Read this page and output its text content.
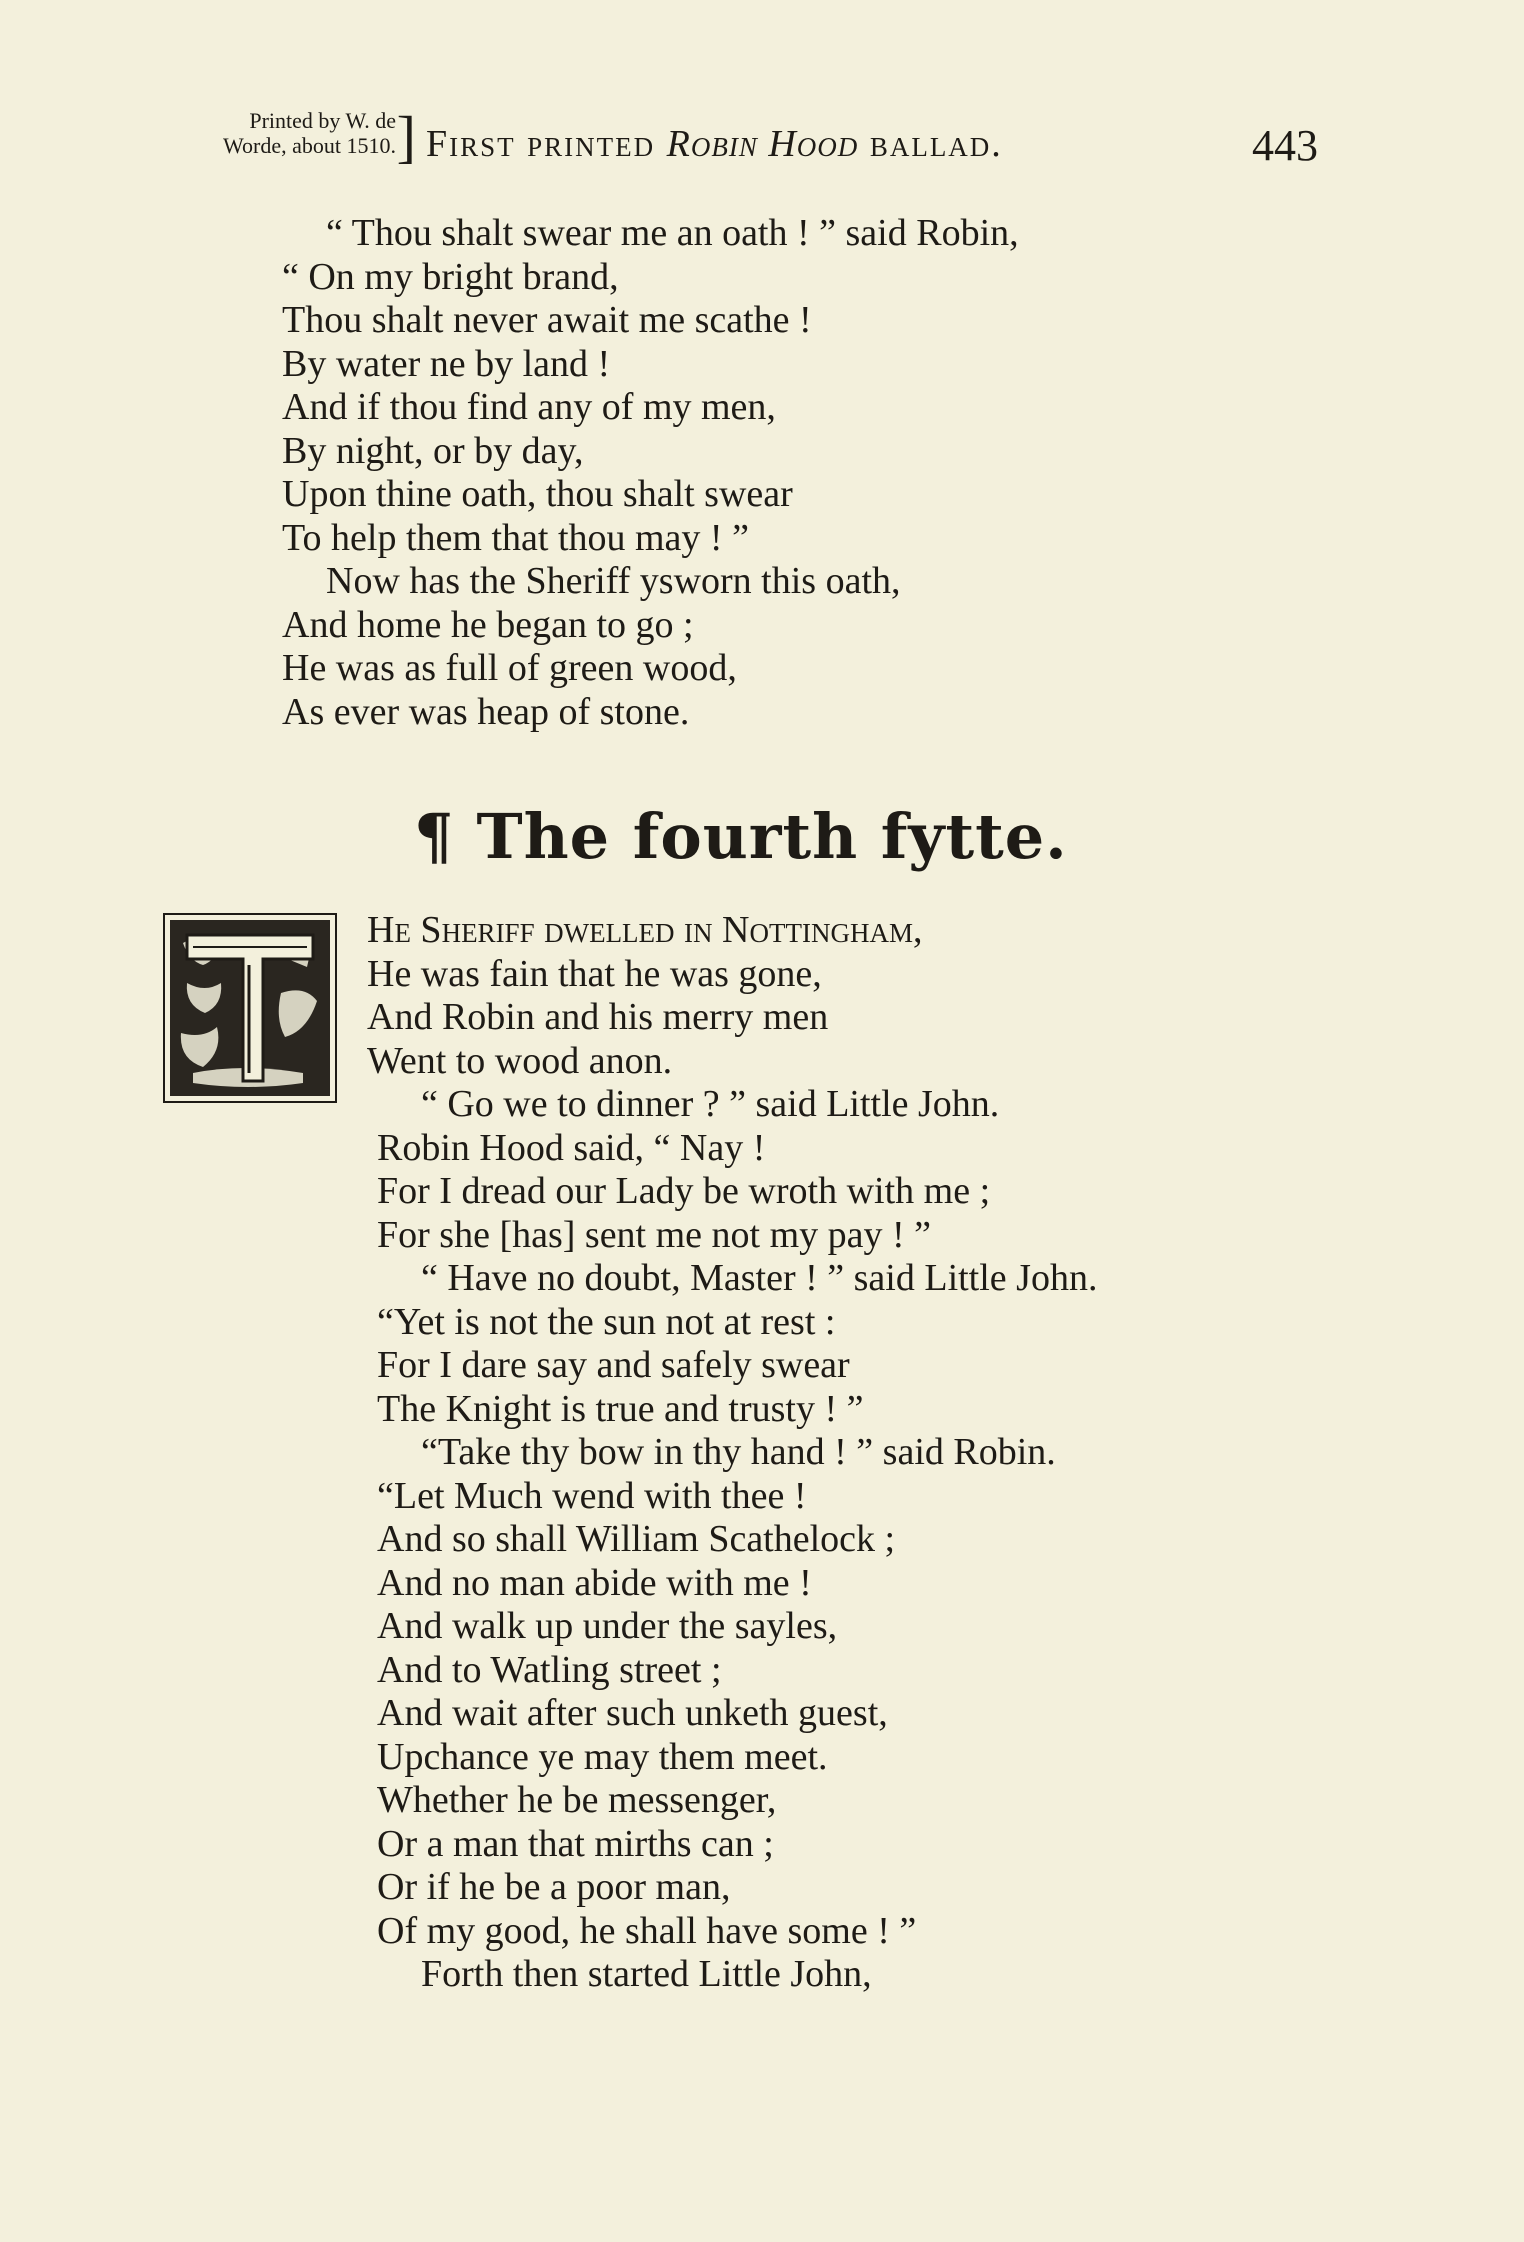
Printed by W. de
Worde, about 1510. ] First printed Robin Hood ballad.	443
“ Thou shalt swear me an oath ! ” said Robin,
“ On my bright brand,
Thou shalt never await me scathe !
By water ne by land !
And if thou find any of my men,
By night, or by day,
Upon thine oath, thou shalt swear
To help them that thou may ! ”
Now has the Sheriff ysworn this oath,
And home he began to go ;
He was as full of green wood,
As ever was heap of stone.
¶ The fourth fytte.
He Sheriff dwelled in Nottingham,
He was fain that he was gone,
And Robin and his merry men
Went to wood anon.
“ Go we to dinner ? ” said Little John.
Robin Hood said, “ Nay !
For I dread our Lady be wroth with me ;
For she [has] sent me not my pay ! ”
“ Have no doubt, Master ! ” said Little John.
“Yet is not the sun not at rest :
For I dare say and safely swear
The Knight is true and trusty ! ”
“Take thy bow in thy hand ! ” said Robin.
“Let Much wend with thee !
And so shall William Scathelock ;
And no man abide with me !
And walk up under the sayles,
And to Watling street ;
And wait after such unketh guest,
Upchance ye may them meet.
Whether he be messenger,
Or a man that mirths can ;
Or if he be a poor man,
Of my good, he shall have some ! ”
Forth then started Little John,
